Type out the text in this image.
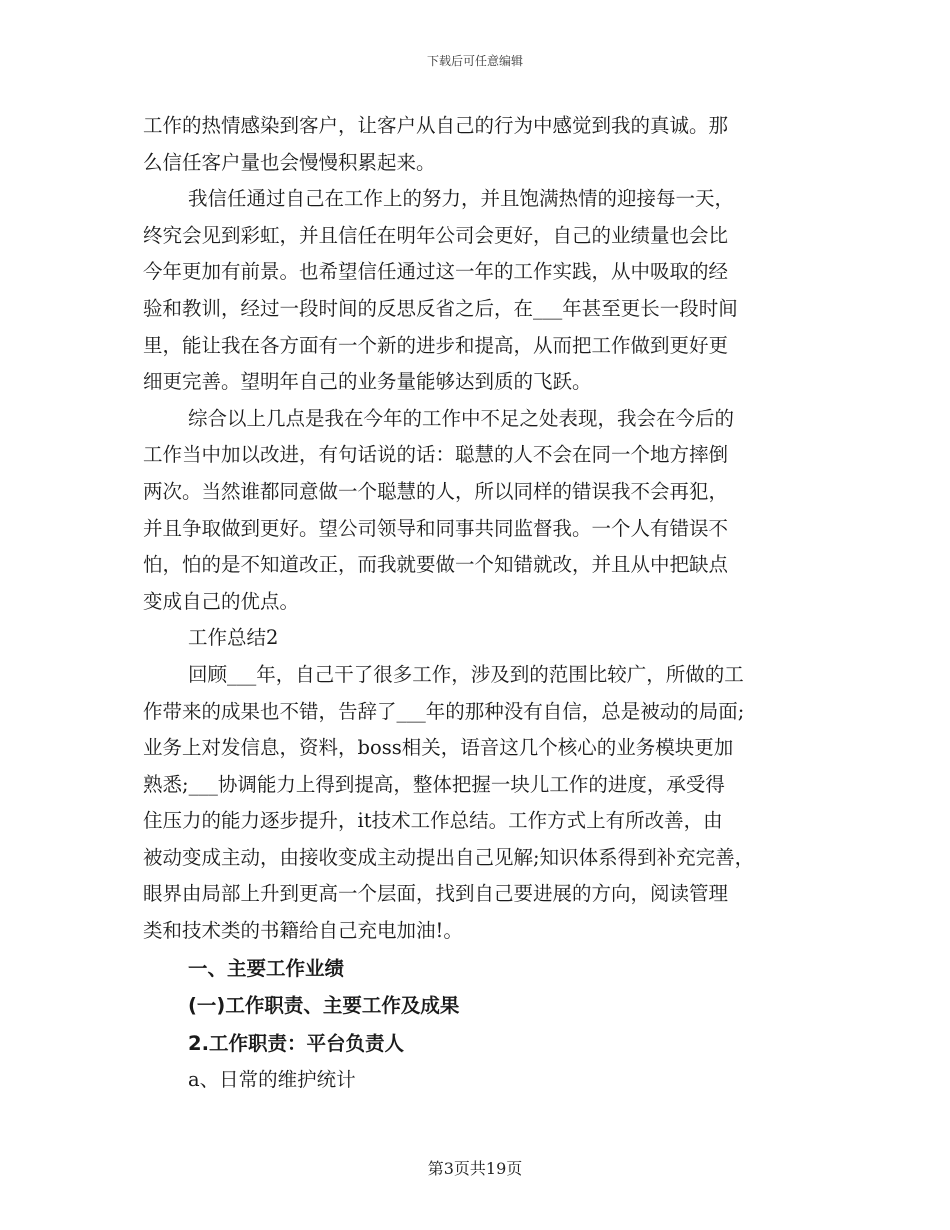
下载后可任意编辑
工作的热情感染到客户，让客户从自己的行为中感觉到我的真诚。那
么信任客户量也会慢慢积累起来。
我信任通过自己在工作上的努力，并且饱满热情的迎接每一天，
终究会见到彩虹，并且信任在明年公司会更好，自己的业绩量也会比
今年更加有前景。也希望信任通过这一年的工作实践，从中吸取的经
验和教训，经过一段时间的反思反省之后，在___年甚至更长一段时间
里，能让我在各方面有一个新的进步和提高，从而把工作做到更好更
细更完善。望明年自己的业务量能够达到质的飞跃。
综合以上几点是我在今年的工作中不足之处表现，我会在今后的
工作当中加以改进，有句话说的话：聪慧的人不会在同一个地方摔倒
两次。当然谁都同意做一个聪慧的人，所以同样的错误我不会再犯，
并且争取做到更好。望公司领导和同事共同监督我。一个人有错误不
怕，怕的是不知道改正，而我就要做一个知错就改，并且从中把缺点
变成自己的优点。
工作总结2
回顾___年，自己干了很多工作，涉及到的范围比较广，所做的工
作带来的成果也不错，告辞了___年的那种没有自信，总是被动的局面;
业务上对发信息，资料，boss相关，语音这几个核心的业务模块更加
熟悉;___协调能力上得到提高，整体把握一块儿工作的进度，承受得
住压力的能力逐步提升，it技术工作总结。工作方式上有所改善，由
被动变成主动，由接收变成主动提出自己见解;知识体系得到补充完善，
眼界由局部上升到更高一个层面，找到自己要进展的方向，阅读管理
类和技术类的书籍给自己充电加油!。
一、主要工作业绩
(一)工作职责、主要工作及成果
2.工作职责：平台负责人
a、日常的维护统计
第3页共19页
